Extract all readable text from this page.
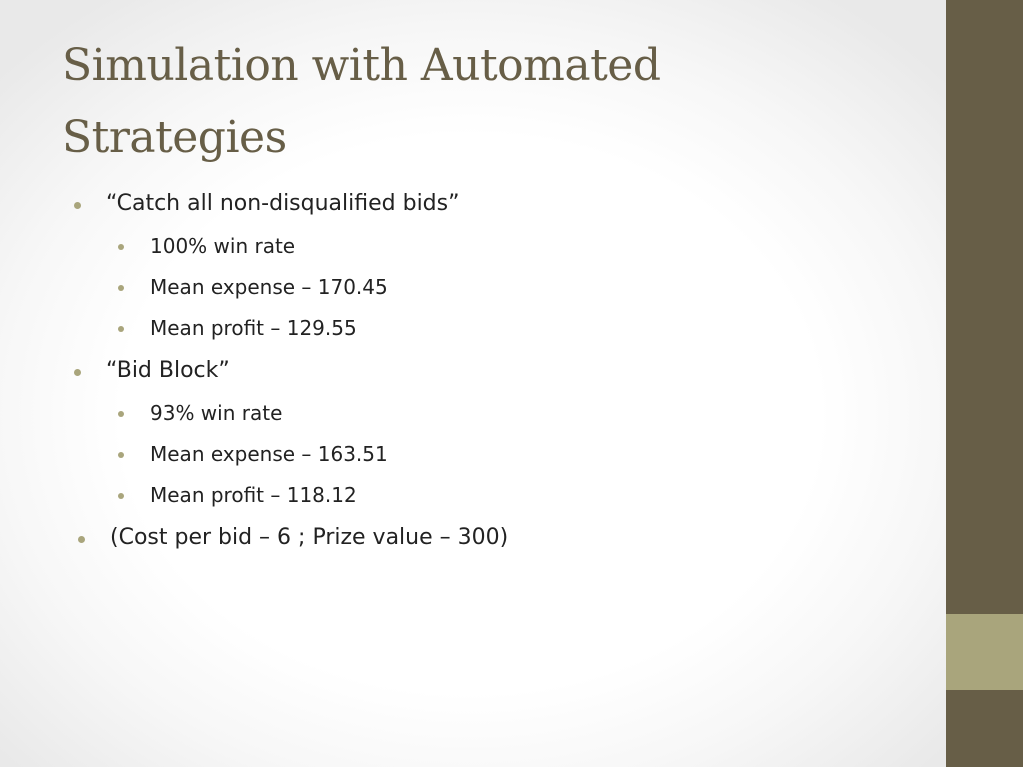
Simulation with Automated
Strategies
“Catch all non-disqualified bids”
100% win rate
Mean expense – 170.45
Mean profit – 129.55
“Bid Block”
93% win rate
Mean expense – 163.51
Mean profit – 118.12
(Cost per bid – 6 ; Prize value – 300)
